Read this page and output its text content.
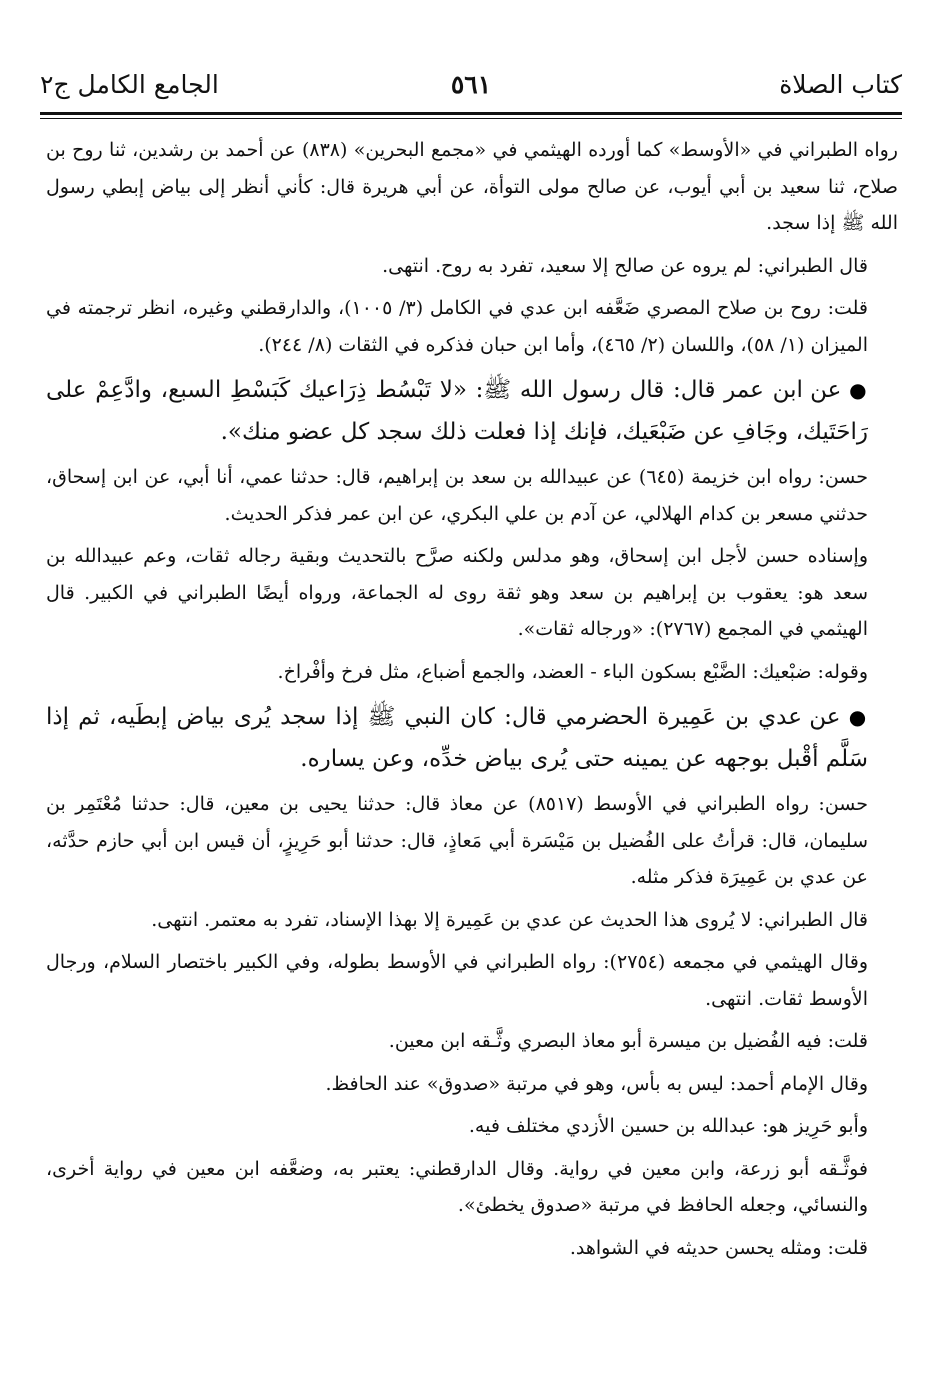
كتاب الصلاة
٥٦١
الجامع الكامل ج٢

رواه الطبراني في «الأوسط» كما أورده الهيثمي في «مجمع البحرين» (٨٣٨) عن أحمد بن رشدين، ثنا روح بن صلاح، ثنا سعيد بن أبي أيوب، عن صالح مولى التوأة، عن أبي هريرة قال: كأني أنظر إلى بياض إبطي رسول الله ﷺ إذا سجد.

قال الطبراني: لم يروه عن صالح إلا سعيد، تفرد به روح. انتهى.

قلت: روح بن صلاح المصري ضَعَّفه ابن عدي في الكامل (٣/ ١٠٠٥)، والدارقطني وغيره، انظر ترجمته في الميزان (١/ ٥٨)، واللسان (٢/ ٤٦٥)، وأما ابن حبان فذكره في الثقات (٨/ ٢٤٤).

● عن ابن عمر قال: قال رسول الله ﷺ: «لا تَبْسُط ذِرَاعيك كَبَسْطِ السبع، وادَّعِمْ على رَاحَتَيك، وجَافِ عن ضَبْعَيك، فإنك إذا فعلت ذلك سجد كل عضو منك».

حسن: رواه ابن خزيمة (٦٤٥) عن عبيدالله بن سعد بن إبراهيم، قال: حدثنا عمي، أنا أبي، عن ابن إسحاق، حدثني مسعر بن كدام الهلالي، عن آدم بن علي البكري، عن ابن عمر فذكر الحديث.

وإسناده حسن لأجل ابن إسحاق، وهو مدلس ولكنه صرَّح بالتحديث وبقية رجاله ثقات، وعم عبيدالله بن سعد هو: يعقوب بن إبراهيم بن سعد وهو ثقة روى له الجماعة، ورواه أيضًا الطبراني في الكبير. قال الهيثمي في المجمع (٢٧٦٧): «ورجاله ثقات».

وقوله: ضبْعيك: الضَّبْع بسكون الباء - العضد، والجمع أضباع، مثل فرخ وأفْراخ.

● عن عدي بن عَمِيرة الحضرمي قال: كان النبي ﷺ إذا سجد يُرى بياض إبطَيه، ثم إذا سَلَّم أقْبل بوجهه عن يمينه حتى يُرى بياض خدِّه، وعن يساره.

حسن: رواه الطبراني في الأوسط (٨٥١٧) عن معاذ قال: حدثنا يحيى بن معين، قال: حدثنا مُعْتَمِر بن سليمان، قال: قرأتُ على الفُضيل بن مَيْسَرة أبي مَعاذٍ، قال: حدثنا أبو حَرِيزٍ، أن قيس ابن أبي حازم حدَّثه، عن عدي بن عَمِيرَة فذكر مثله.

قال الطبراني: لا يُروى هذا الحديث عن عدي بن عَمِيرة إلا بهذا الإسناد، تفرد به معتمر. انتهى.

وقال الهيثمي في مجمعه (٢٧٥٤): رواه الطبراني في الأوسط بطوله، وفي الكبير باختصار السلام، ورجال الأوسط ثقات. انتهى.

قلت: فيه الفُضيل بن ميسرة أبو معاذ البصري وثَّـقه ابن معين.

وقال الإمام أحمد: ليس به بأس، وهو في مرتبة «صدوق» عند الحافظ.

وأبو حَرِيز هو: عبدالله بن حسين الأزدي مختلف فيه.

فوثَّـقه أبو زرعة، وابن معين في رواية. وقال الدارقطني: يعتبر به، وضعَّفه ابن معين في رواية أخرى، والنسائي، وجعله الحافظ في مرتبة «صدوق يخطئ».

قلت: ومثله يحسن حديثه في الشواهد.
